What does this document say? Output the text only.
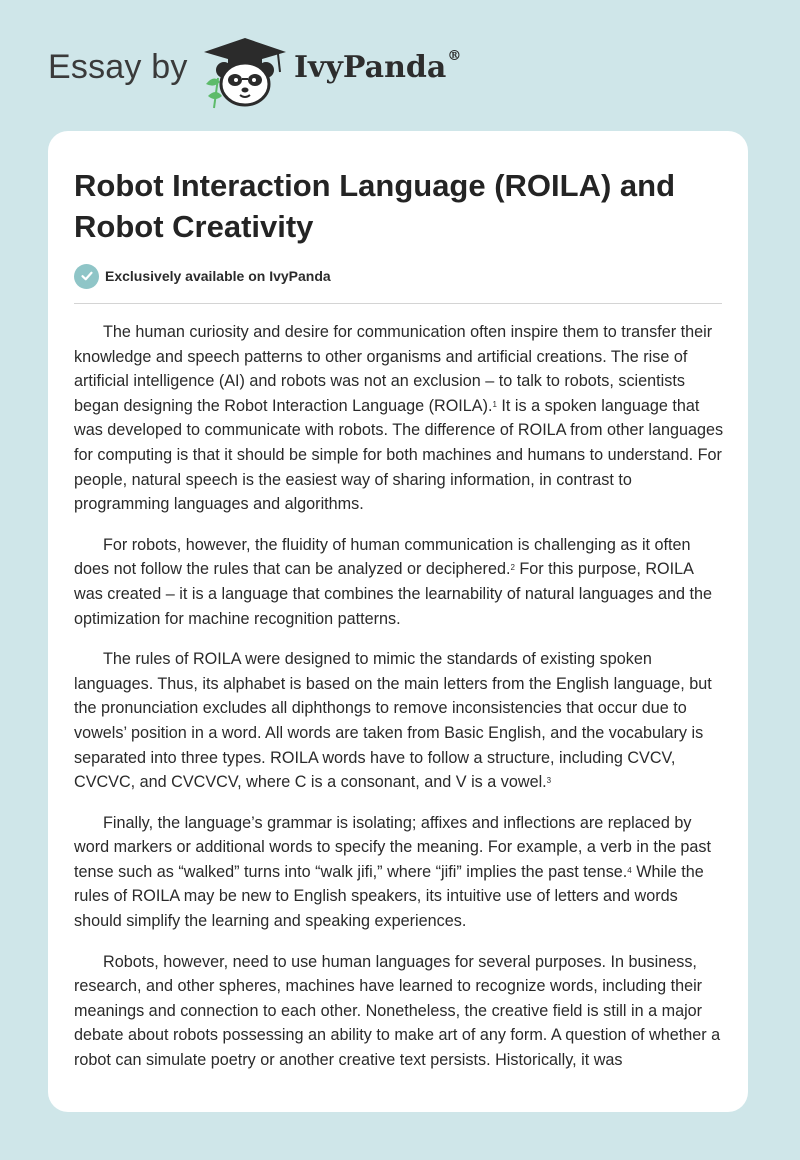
Essay by	IvyPanda®
Robot Interaction Language (ROILA) and Robot Creativity
Exclusively available on IvyPanda

The human curiosity and desire for communication often inspire them to transfer their knowledge and speech patterns to other organisms and artificial creations. The rise of artificial intelligence (AI) and robots was not an exclusion – to talk to robots, scientists began designing the Robot Interaction Language (ROILA).$^1$ It is a spoken language that was developed to communicate with robots. The difference of ROILA from other languages for computing is that it should be simple for both machines and humans to understand. For people, natural speech is the easiest way of sharing information, in contrast to programming languages and algorithms.

For robots, however, the fluidity of human communication is challenging as it often does not follow the rules that can be analyzed or deciphered.$^2$ For this purpose, ROILA was created – it is a language that combines the learnability of natural languages and the optimization for machine recognition patterns.

The rules of ROILA were designed to mimic the standards of existing spoken languages. Thus, its alphabet is based on the main letters from the English language, but the pronunciation excludes all diphthongs to remove inconsistencies that occur due to vowels’ position in a word. All words are taken from Basic English, and the vocabulary is separated into three types. ROILA words have to follow a structure, including CVCV, CVCVC, and CVCVCV, where C is a consonant, and V is a vowel.$^3$

Finally, the language’s grammar is isolating; affixes and inflections are replaced by word markers or additional words to specify the meaning. For example, a verb in the past tense such as “walked” turns into “walk jifi,” where “jifi” implies the past tense.$^4$ While the rules of ROILA may be new to English speakers, its intuitive use of letters and words should simplify the learning and speaking experiences.

Robots, however, need to use human languages for several purposes. In business, research, and other spheres, machines have learned to recognize words, including their meanings and connection to each other. Nonetheless, the creative field is still in a major debate about robots possessing an ability to make art of any form. A question of whether a robot can simulate poetry or another creative text persists. Historically, it was
